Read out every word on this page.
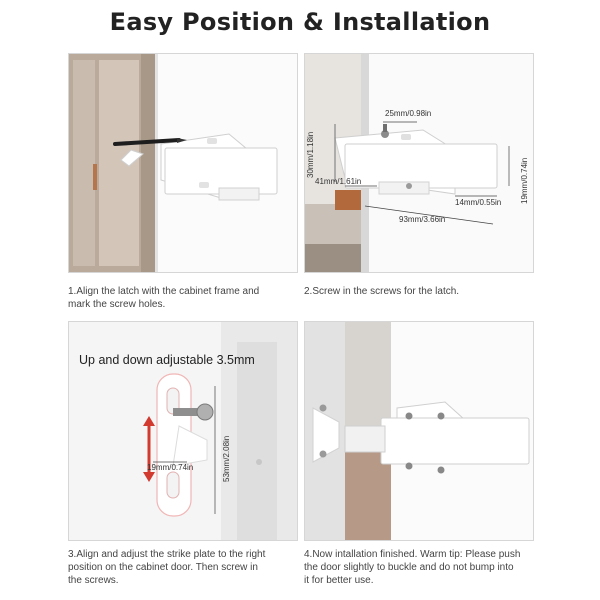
Easy Position & Installation
25mm/0.98in
30mm/1.18in
41mm/1.61in	19mm/0.74in
14mm/0.55in
93mm/3.66in
Up and down adjustable 3.5mm
19mm/0.74in	53mm/2.08in
1.Align the latch with the cabinet frame and
mark the screw holes.
2.Screw in the screws for the latch.
3.Align and adjust the strike plate to the right
position on the cabinet door. Then screw in
the screws.
4.Now intallation finished. Warm tip: Please push
the door slightly to buckle and do not bump into
it for better use.
